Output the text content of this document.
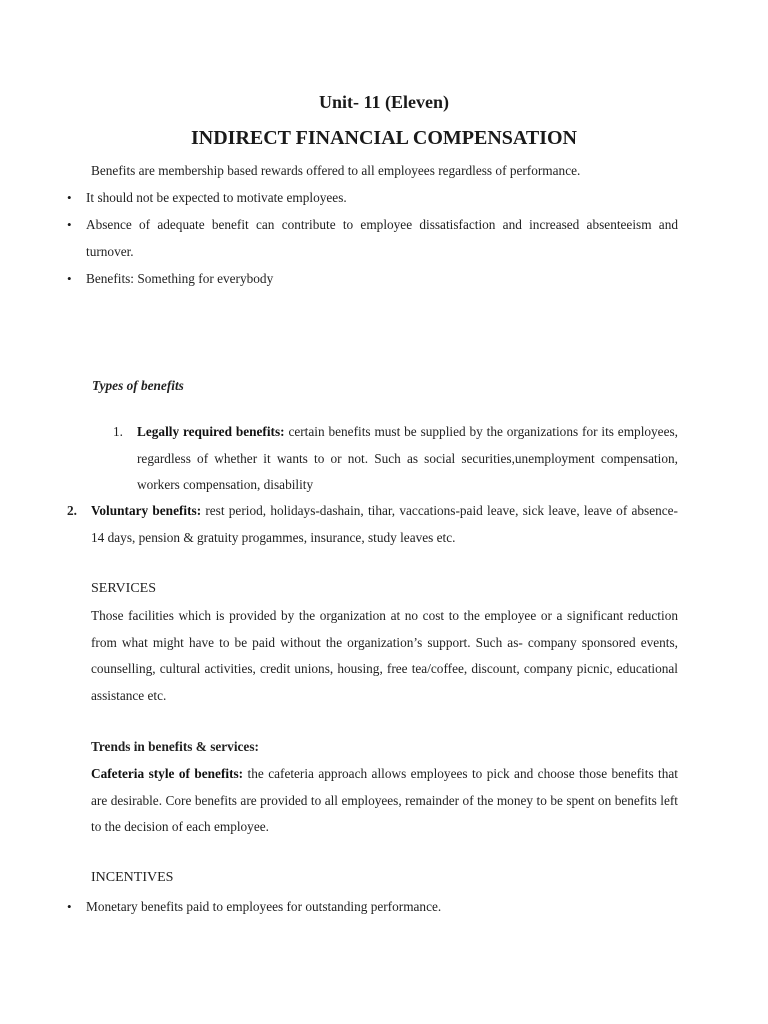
Unit- 11 (Eleven)
INDIRECT FINANCIAL COMPENSATION
Benefits are membership based rewards offered to all employees regardless of performance.
• It should not be expected to motivate employees.
• Absence of adequate benefit can contribute to employee dissatisfaction and increased absenteeism and turnover.
• Benefits: Something for everybody
Types of benefits
1. Legally required benefits: certain benefits must be supplied by the organizations for its employees, regardless of whether it wants to or not. Such as social securities,unemployment compensation, workers compensation, disability
2. Voluntary benefits: rest period, holidays-dashain, tihar, vaccations-paid leave, sick leave, leave of absence- 14 days, pension & gratuity progammes, insurance, study leaves etc.
SERVICES
Those facilities which is provided by the organization at no cost to the employee or a significant reduction from what might have to be paid without the organization’s support. Such as- company sponsored events, counselling, cultural activities, credit unions, housing, free tea/coffee, discount, company picnic, educational assistance etc.
Trends in benefits & services:
Cafeteria style of benefits: the cafeteria approach allows employees to pick and choose those benefits that are desirable. Core benefits are provided to all employees, remainder of the money to be spent on benefits left to the decision of each employee.
INCENTIVES
• Monetary benefits paid to employees for outstanding performance.
